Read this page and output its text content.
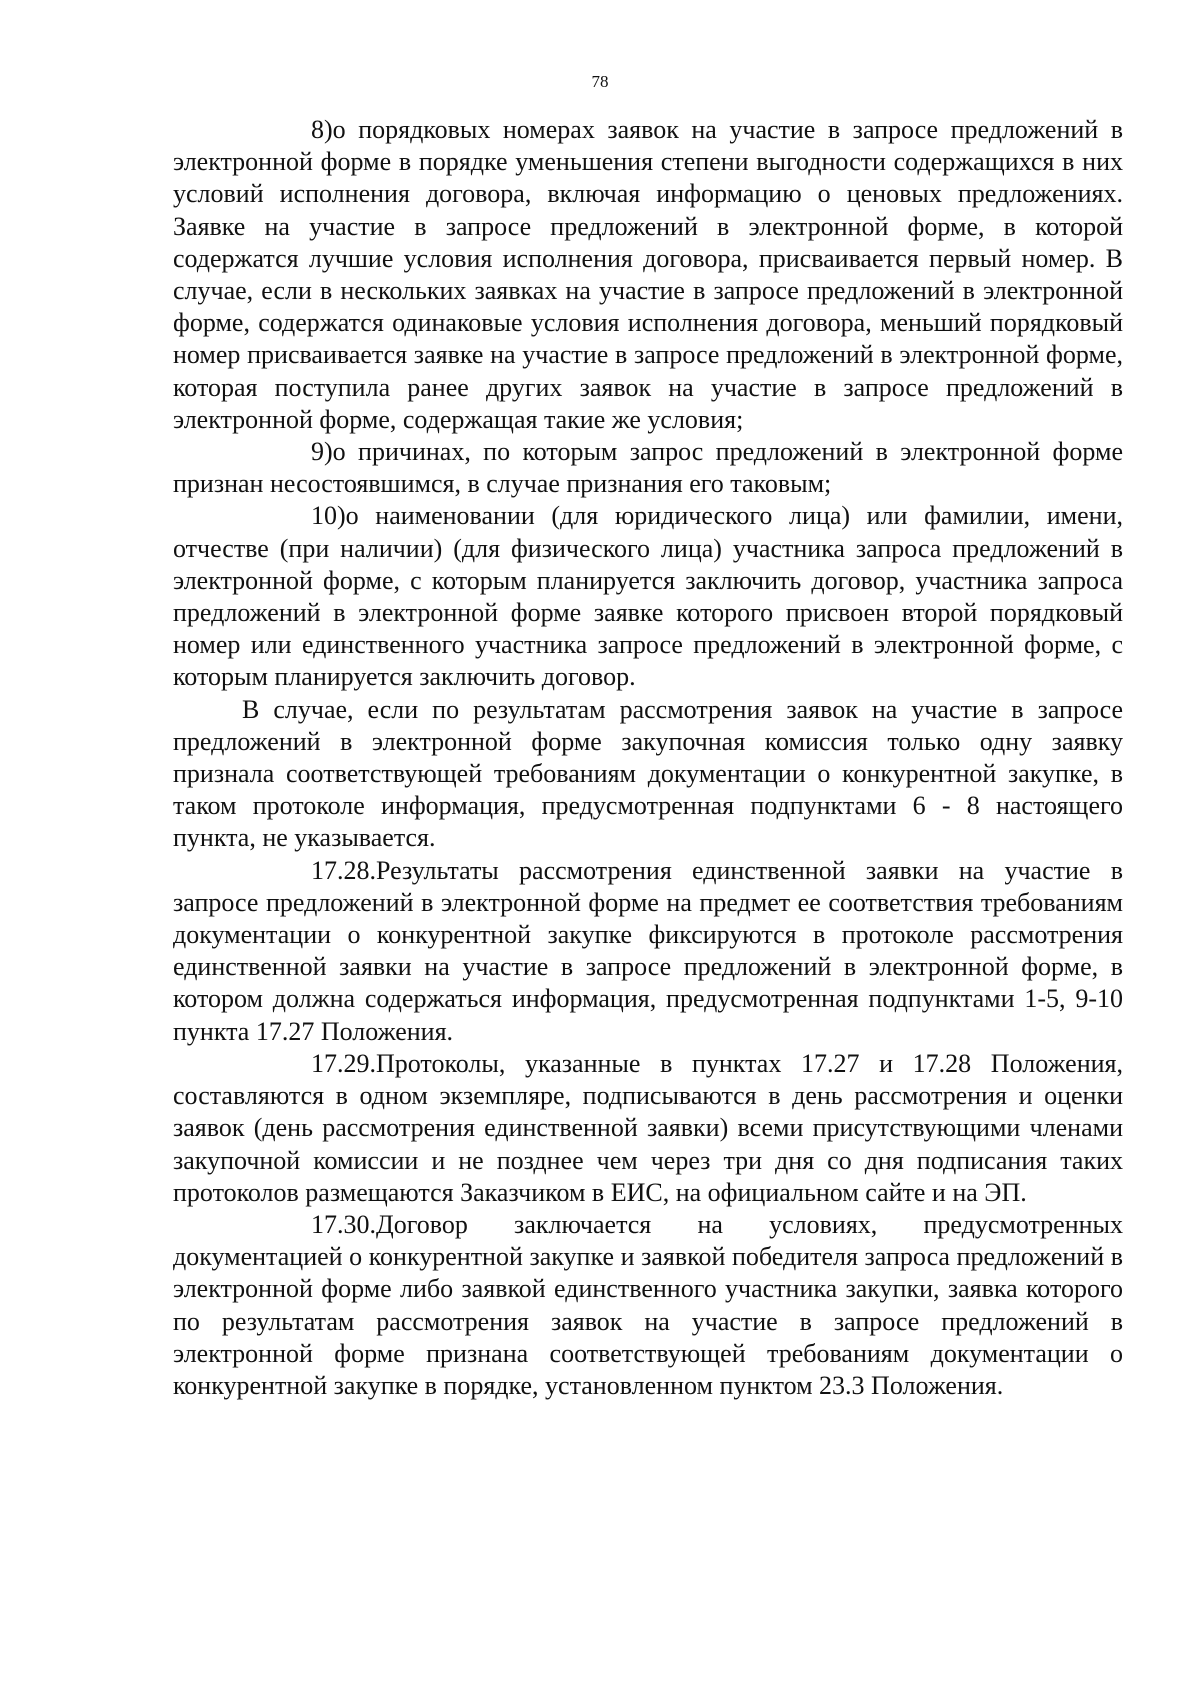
78

8)о порядковых номерах заявок на участие в запросе предложений в электронной форме в порядке уменьшения степени выгодности содержащихся в них условий исполнения договора, включая информацию о ценовых предложениях. Заявке на участие в запросе предложений в электронной форме, в которой содержатся лучшие условия исполнения договора, присваивается первый номер. В случае, если в нескольких заявках на участие в запросе предложений в электронной форме, содержатся одинаковые условия исполнения договора, меньший порядковый номер присваивается заявке на участие в запросе предложений в электронной форме, которая поступила ранее других заявок на участие в запросе предложений в электронной форме, содержащая такие же условия;

9)о причинах, по которым запрос предложений в электронной форме признан несостоявшимся, в случае признания его таковым;

10)о наименовании (для юридического лица) или фамилии, имени, отчестве (при наличии) (для физического лица) участника запроса предложений в электронной форме, с которым планируется заключить договор, участника запроса предложений в электронной форме заявке которого присвоен второй порядковый номер или единственного участника запросе предложений в электронной форме, с которым планируется заключить договор.

В случае, если по результатам рассмотрения заявок на участие в запросе предложений в электронной форме закупочная комиссия только одну заявку признала соответствующей требованиям документации о конкурентной закупке, в таком протоколе информация, предусмотренная подпунктами 6 - 8 настоящего пункта, не указывается.

17.28.Результаты рассмотрения единственной заявки на участие в запросе предложений в электронной форме на предмет ее соответствия требованиям документации о конкурентной закупке фиксируются в протоколе рассмотрения единственной заявки на участие в запросе предложений в электронной форме, в котором должна содержаться информация, предусмотренная подпунктами 1-5, 9-10 пункта 17.27 Положения.

17.29.Протоколы, указанные в пунктах 17.27 и 17.28 Положения, составляются в одном экземпляре, подписываются в день рассмотрения и оценки заявок (день рассмотрения единственной заявки) всеми присутствующими членами закупочной комиссии и не позднее чем через три дня со дня подписания таких протоколов размещаются Заказчиком в ЕИС, на официальном сайте и на ЭП.

17.30.Договор заключается на условиях, предусмотренных документацией о конкурентной закупке и заявкой победителя запроса предложений в электронной форме либо заявкой единственного участника закупки, заявка которого по результатам рассмотрения заявок на участие в запросе предложений в электронной форме признана соответствующей требованиям документации о конкурентной закупке в порядке, установленном пунктом 23.3 Положения.
